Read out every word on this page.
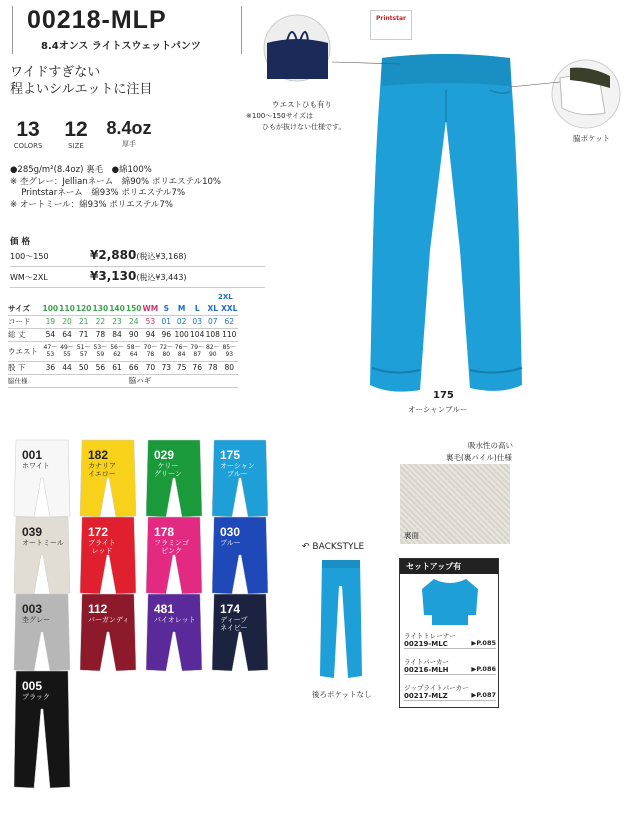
00218-MLP
8.4オンス ライトスウェットパンツ
ワイドすぎない
程よいシルエットに注目
13
COLORS
12
SIZE
8.4oz
厚手
●285g/m²(8.4oz) 裏毛　●綿100%
※ 杢グレー：Jellianネーム　綿90% ポリエステル10%
　 Printstarネーム　綿93% ポリエステル7%
※ オートミール：綿93% ポリエステル7%
価 格
100〜150	¥2,880(税込¥3,168)
WM〜2XL	¥3,130(税込¥3,443)
2XL
サイズ	100	110	120	130	140	150	WM	S	M	L	XL	XXL
コード	19	20	21	22	23	24	53	01	02	03	07	62
総 丈	54	64	71	78	84	90	94	96	100	104	108	110
ウエスト	47〜53	49〜55	51〜57	53〜59	56〜62	58〜64	70〜78	72〜80	76〜84	79〜87	82〜90	85〜93
股 下	36	44	50	56	61	66	70	73	75	76	78	80
脇仕様	脇ハギ											
Printstar
ウエストひも有り
※100〜150サイズは
ひもが抜けない仕様です。
脇ポケット
175
オーシャンブルー
001
ホワイト
182
カナリア
イエロー
029
ケリー
グリーン
175
オーシャン
ブルー
039
オートミール
172
ブライト
レッド
178
フラミンゴ
ピンク
030
ブルー
003
杢グレー
112
バーガンディ
481
パイオレット
174
ディープ
ネイビー
005
ブラック
吸水性の高い
裏毛(裏パイル)仕様
裏面
↶ BACKSTYLE
後ろポケットなし
セットアップ有
ライトトレーナー
00219-MLC	▶P.085
ライトパーカー
00216-MLH	▶P.086
ジップライトパーカー
00217-MLZ	▶P.087
